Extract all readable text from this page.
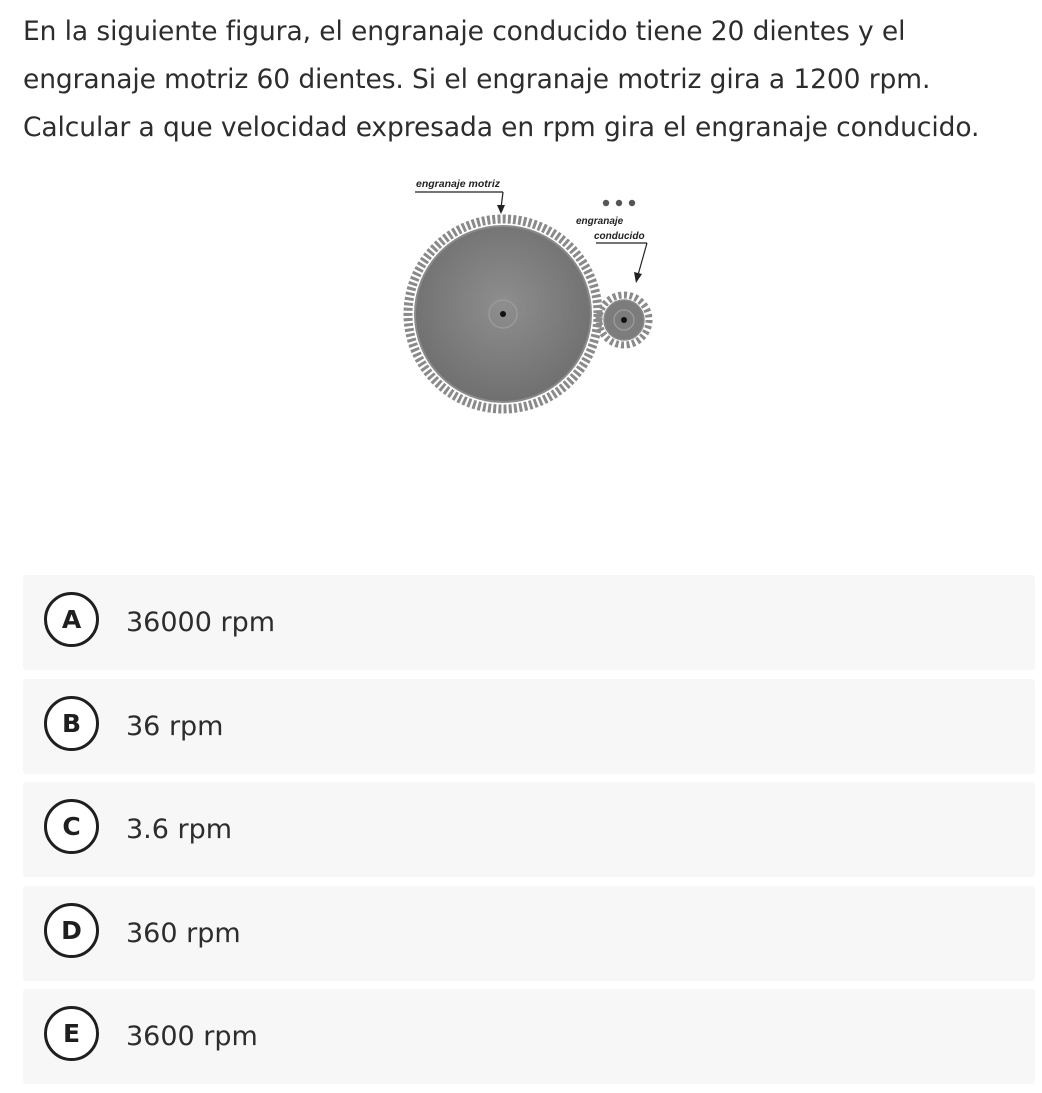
En la siguiente figura, el engranaje conducido tiene 20 dientes y el engranaje motriz 60 dientes. Si el engranaje motriz gira a 1200 rpm. Calcular a que velocidad expresada en rpm gira el engranaje conducido.

engranaje motriz
engranaje
conducido
A	36000 rpm
B	36 rpm
C	3.6 rpm
D	360 rpm
E	3600 rpm
